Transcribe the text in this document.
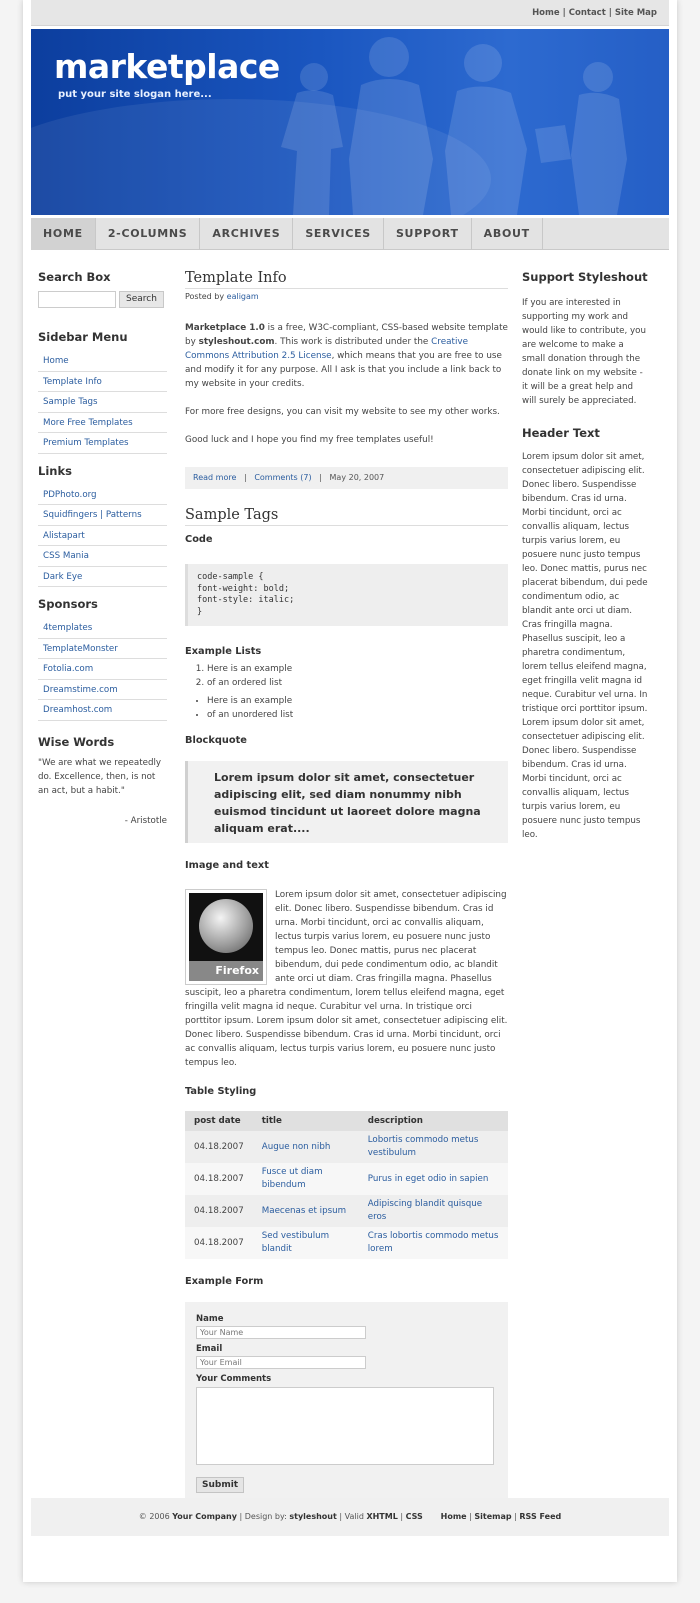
Home | Contact | Site Map
marketplace
put your site slogan here...
HOME	2-COLUMNS	ARCHIVES	SERVICES	SUPPORT	ABOUT
Search Box
Search
Sidebar Menu
Home
Template Info
Sample Tags
More Free Templates
Premium Templates
Links
PDPhoto.org
Squidfingers | Patterns
Alistapart
CSS Mania
Dark Eye
Sponsors
4templates
TemplateMonster
Fotolia.com
Dreamstime.com
Dreamhost.com
Wise Words
"We are what we repeatedly do. Excellence, then, is not an act, but a habit."
- Aristotle
Template Info
Posted by ealigam

Marketplace 1.0 is a free, W3C-compliant, CSS-based website template by styleshout.com. This work is distributed under the Creative Commons Attribution 2.5 License, which means that you are free to use and modify it for any purpose. All I ask is that you include a link back to my website in your credits.

For more free designs, you can visit my website to see my other works.

Good luck and I hope you find my free templates useful!

Read more   |   Comments (7)   |   May 20, 2007
Sample Tags
Code
code-sample {
font-weight: bold;
font-style: italic;
}
Example Lists
1. Here is an example
2. of an ordered list
• Here is an example
• of an unordered list
Blockquote
Lorem ipsum dolor sit amet, consectetuer adipiscing elit, sed diam nonummy nibh euismod tincidunt ut laoreet dolore magna aliquam erat....
Image and text
Firefox

Lorem ipsum dolor sit amet, consectetuer adipiscing elit. Donec libero. Suspendisse bibendum. Cras id urna. Morbi tincidunt, orci ac convallis aliquam, lectus turpis varius lorem, eu posuere nunc justo tempus leo. Donec mattis, purus nec placerat bibendum, dui pede condimentum odio, ac blandit ante orci ut diam. Cras fringilla magna. Phasellus suscipit, leo a pharetra condimentum, lorem tellus eleifend magna, eget fringilla velit magna id neque. Curabitur vel urna. In tristique orci porttitor ipsum. Lorem ipsum dolor sit amet, consectetuer adipiscing elit. Donec libero. Suspendisse bibendum. Cras id urna. Morbi tincidunt, orci ac convallis aliquam, lectus turpis varius lorem, eu posuere nunc justo tempus leo.

Table Styling
post date	title	description
04.18.2007	Augue non nibh	Lobortis commodo metus vestibulum
04.18.2007	Fusce ut diam bibendum	Purus in eget odio in sapien
04.18.2007	Maecenas et ipsum	Adipiscing blandit quisque eros
04.18.2007	Sed vestibulum blandit	Cras lobortis commodo metus lorem
Example Form
Name
Your Name
Email
Your Email
Your Comments
Submit
Support Styleshout

If you are interested in supporting my work and would like to contribute, you are welcome to make a small donation through the donate link on my website - it will be a great help and will surely be appreciated.

Header Text

Lorem ipsum dolor sit amet, consectetuer adipiscing elit. Donec libero. Suspendisse bibendum. Cras id urna. Morbi tincidunt, orci ac convallis aliquam, lectus turpis varius lorem, eu posuere nunc justo tempus leo. Donec mattis, purus nec placerat bibendum, dui pede condimentum odio, ac blandit ante orci ut diam. Cras fringilla magna. Phasellus suscipit, leo a pharetra condimentum, lorem tellus eleifend magna, eget fringilla velit magna id neque. Curabitur vel urna. In tristique orci porttitor ipsum. Lorem ipsum dolor sit amet, consectetuer adipiscing elit. Donec libero. Suspendisse bibendum. Cras id urna. Morbi tincidunt, orci ac convallis aliquam, lectus turpis varius lorem, eu posuere nunc justo tempus leo.

© 2006 Your Company | Design by: styleshout | Valid XHTML | CSS Home | Sitemap | RSS Feed
